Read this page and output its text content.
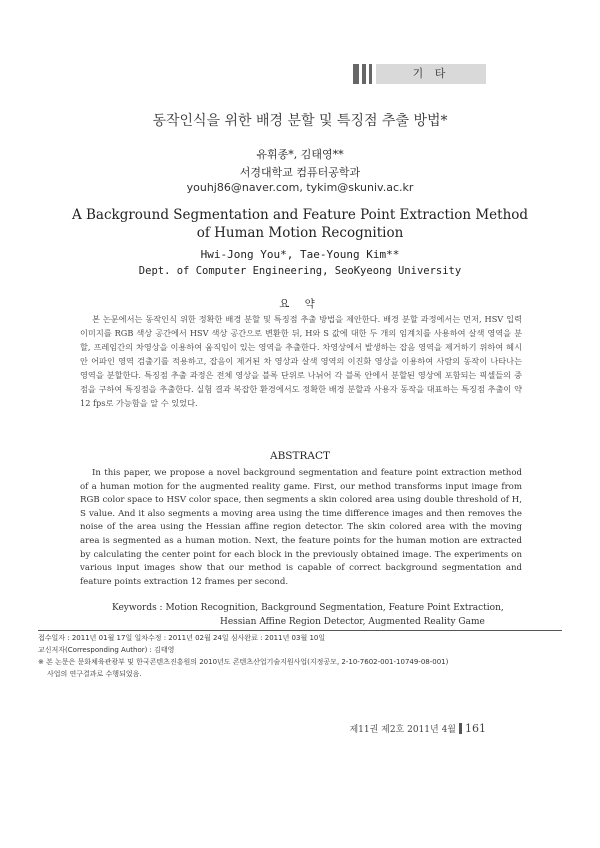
기 타
동작인식을 위한 배경 분할 및 특징점 추출 방법*
유휘종*, 김태영**
서경대학교 컴퓨터공학과
youhj86@naver.com, tykim@skuniv.ac.kr
A Background Segmentation and Feature Point Extraction Method
of Human Motion Recognition
Hwi-Jong You*, Tae-Young Kim**
Dept. of Computer Engineering, SeoKyeong University
요 약
본 논문에서는 동작인식 위한 정확한 배경 분할 및 특징점 추출 방법을 제안한다. 배경 분할 과정에서는 먼저, HSV 입력 이미지를 RGB 색상 공간에서 HSV 색상 공간으로 변환한 뒤, H와 S 값에 대한 두 개의 임계치를 사용하여 살색 영역을 분할, 프레임간의 차영상을 이용하여 움직임이 있는 영역을 추출한다. 차영상에서 발생하는 잡음 영역을 제거하기 위하여 헤시안 어파인 영역 검출기를 적용하고, 잡음이 제거된 차 영상과 살색 영역의 이진화 영상을 이용하여 사람의 동작이 나타나는 영역을 분할한다. 특징점 추출 과정은 전체 영상을 블록 단위로 나뉘어 각 블록 안에서 분할된 영상에 포함되는 픽셀들의 중점을 구하여 특징점을 추출한다. 실험 결과 복잡한 환경에서도 정확한 배경 분할과 사용자 동작을 대표하는 특징점 추출이 약 12 fps로 가능함을 알 수 있었다.
ABSTRACT
In this paper, we propose a novel background segmentation and feature point extraction method of a human motion for the augmented reality game. First, our method transforms input image from RGB color space to HSV color space, then segments a skin colored area using double threshold of H, S value. And it also segments a moving area using the time difference images and then removes the noise of the area using the Hessian affine region detector. The skin colored area with the moving area is segmented as a human motion. Next, the feature points for the human motion are extracted by calculating the center point for each block in the previously obtained image. The experiments on various input images show that our method is capable of correct background segmentation and feature points extraction 12 frames per second.
Keywords : Motion Recognition, Background Segmentation, Feature Point Extraction,
Hessian Affine Region Detector, Augmented Reality Game
접수일자 : 2011년 01월 17일 일차수정 : 2011년 02월 24일 심사완료 : 2011년 03월 10일
교신저자(Corresponding Author) : 김태영
※ 본 논문은 문화체육관광부 및 한국콘텐츠진흥원의 2010년도 콘텐츠산업기술지원사업(지정공모, 2-10-7602-001-10749-08-001)
사업의 연구결과로 수행되었음.
제11권 제2호 2011년 4월 161
